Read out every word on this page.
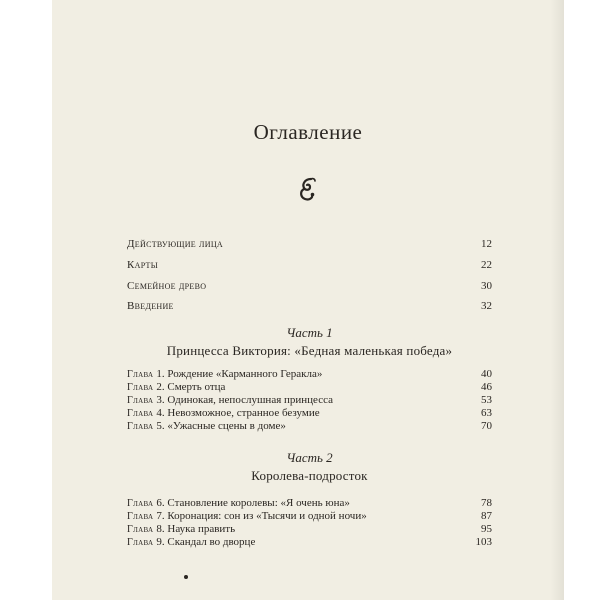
Оглавление
Действующие лица	12
Карты	22
Семейное древо	30
Введение	32
Часть 1
Принцесса Виктория: «Бедная маленькая победа»
Глава 1. Рождение «Карманного Геракла»	40
Глава 2. Смерть отца	46
Глава 3. Одинокая, непослушная принцесса	53
Глава 4. Невозможное, странное безумие	63
Глава 5. «Ужасные сцены в доме»	70
Часть 2
Королева-подросток
Глава 6. Становление королевы: «Я очень юна»	78
Глава 7. Коронация: сон из «Тысячи и одной ночи»	87
Глава 8. Наука править	95
Глава 9. Скандал во дворце	103
